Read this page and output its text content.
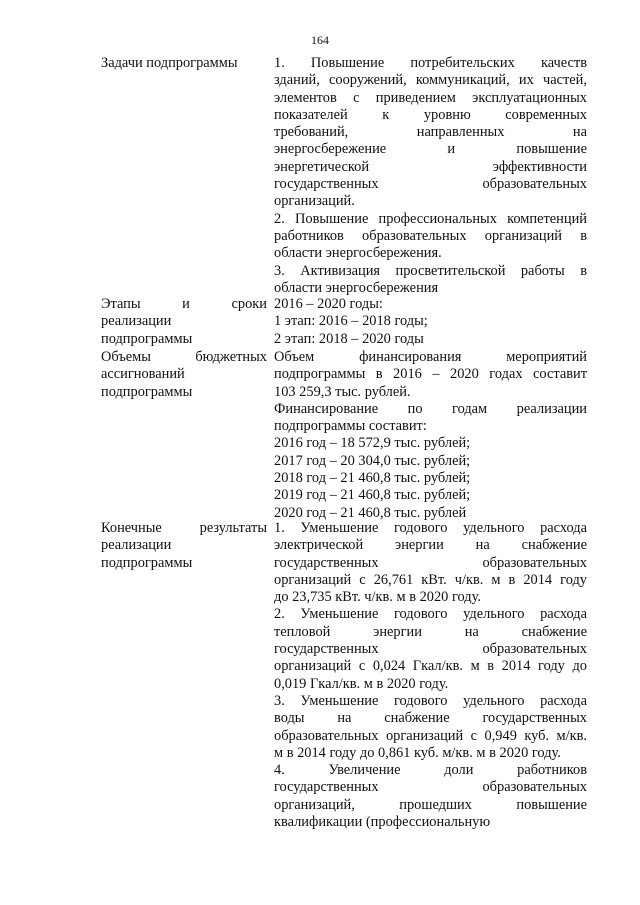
164
Задачи подпрограммы	1. Повышение потребительских качеств
зданий, сооружений, коммуникаций, их частей,
элементов с приведением эксплуатационных
показателей к уровню современных
требований, направленных на
энергосбережение и повышение
энергетической эффективности
государственных образовательных
организаций.
2. Повышение профессиональных компетенций
работников образовательных организаций в
области энергосбережения.
3. Активизация просветительской работы в
области энергосбережения
Этапы и сроки
реализации
подпрограммы
2016 – 2020 годы:
1 этап: 2016 – 2018 годы;
2 этап: 2018 – 2020 годы
Объемы бюджетных
ассигнований
подпрограммы
Объем финансирования мероприятий
подпрограммы в 2016 – 2020 годах составит
103 259,3 тыс. рублей.
Финансирование по годам реализации
подпрограммы составит:
2016 год – 18 572,9 тыс. рублей;
2017 год – 20 304,0 тыс. рублей;
2018 год – 21 460,8 тыс. рублей;
2019 год – 21 460,8 тыс. рублей;
2020 год – 21 460,8 тыс. рублей
Конечные результаты
реализации
подпрограммы
1. Уменьшение годового удельного расхода
электрической энергии на снабжение
государственных образовательных
организаций с 26,761 кВт. ч/кв. м в 2014 году
до 23,735 кВт. ч/кв. м в 2020 году.
2. Уменьшение годового удельного расхода
тепловой энергии на снабжение
государственных образовательных
организаций с 0,024 Гкал/кв. м в 2014 году до
0,019 Гкал/кв. м в 2020 году.
3. Уменьшение годового удельного расхода
воды на снабжение государственных
образовательных организаций с 0,949 куб. м/кв.
м в 2014 году до 0,861 куб. м/кв. м в 2020 году.
4. Увеличение доли работников
государственных образовательных
организаций, прошедших повышение
квалификации (профессиональную
